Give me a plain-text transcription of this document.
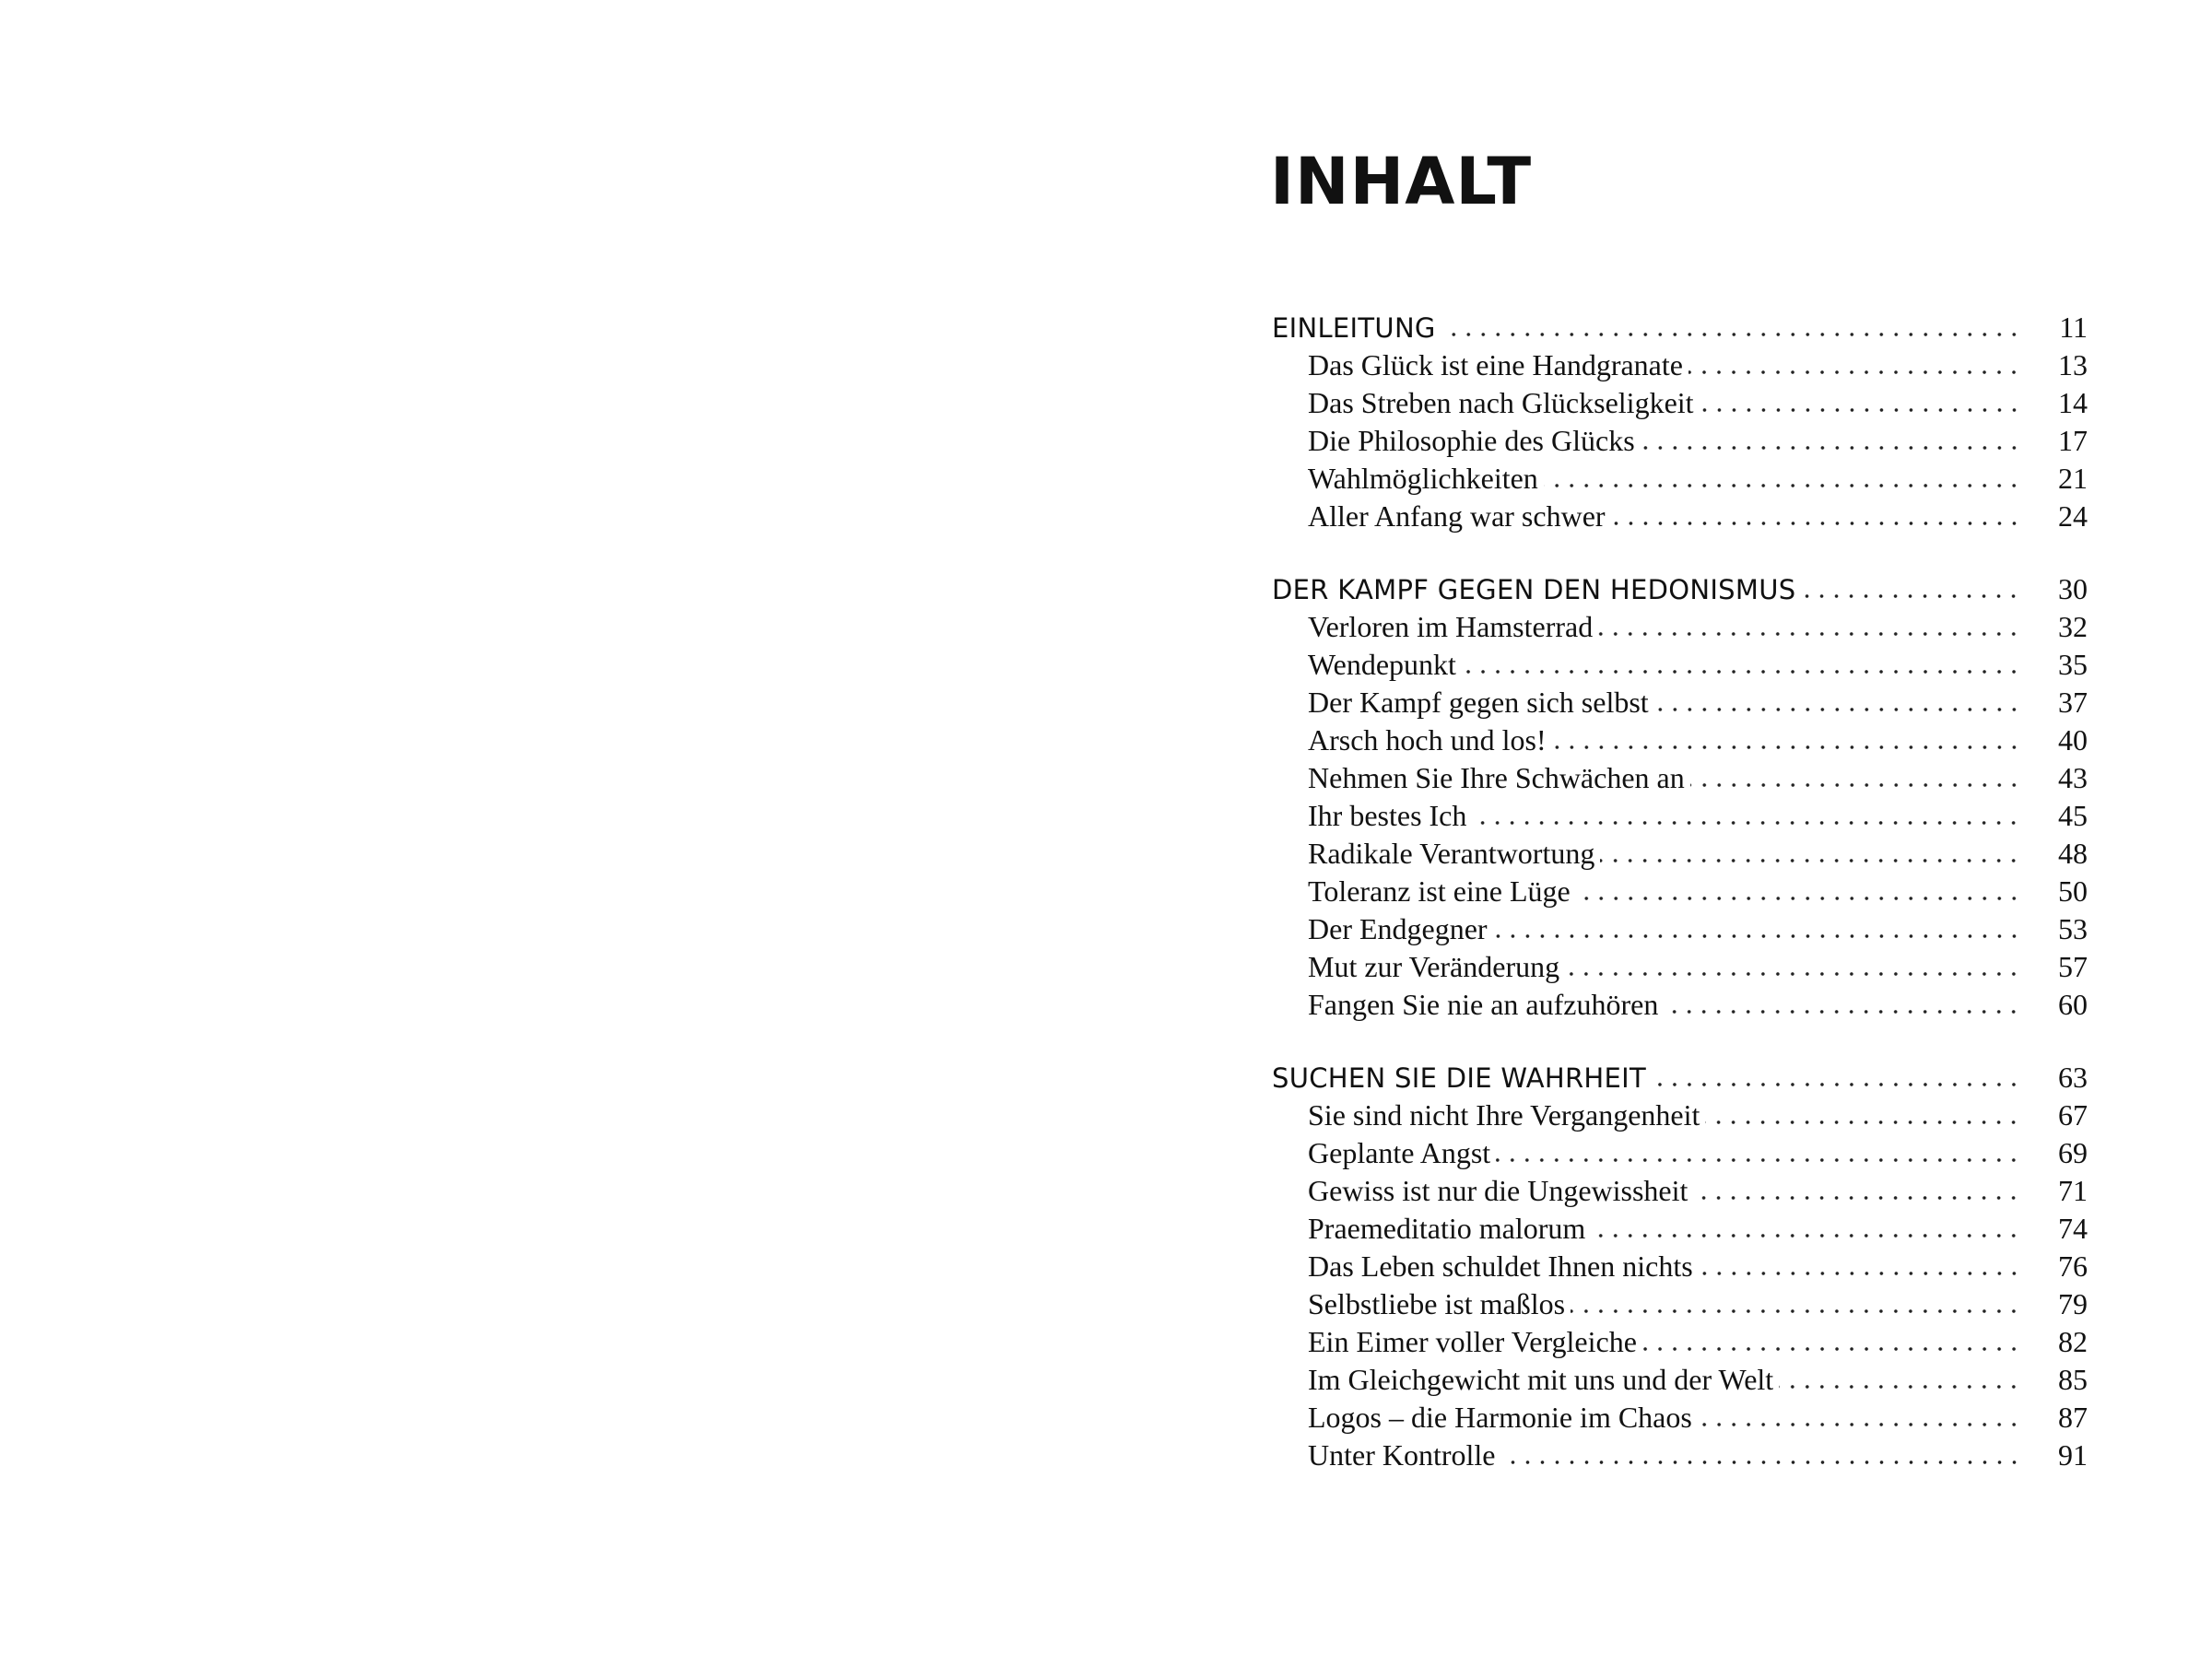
INHALT
EINLEITUNG	11
Das Glück ist eine Handgranate	13
Das Streben nach Glückseligkeit	14
Die Philosophie des Glücks	17
Wahlmöglichkeiten	21
Aller Anfang war schwer	24
DER KAMPF GEGEN DEN HEDONISMUS	30
Verloren im Hamsterrad	32
Wendepunkt	35
Der Kampf gegen sich selbst	37
Arsch hoch und los!	40
Nehmen Sie Ihre Schwächen an	43
Ihr bestes Ich	45
Radikale Verantwortung	48
Toleranz ist eine Lüge	50
Der Endgegner	53
Mut zur Veränderung	57
Fangen Sie nie an aufzuhören	60
SUCHEN SIE DIE WAHRHEIT	63
Sie sind nicht Ihre Vergangenheit	67
Geplante Angst	69
Gewiss ist nur die Ungewissheit	71
Praemeditatio malorum	74
Das Leben schuldet Ihnen nichts	76
Selbstliebe ist maßlos	79
Ein Eimer voller Vergleiche	82
Im Gleichgewicht mit uns und der Welt	85
Logos – die Harmonie im Chaos	87
Unter Kontrolle	91
